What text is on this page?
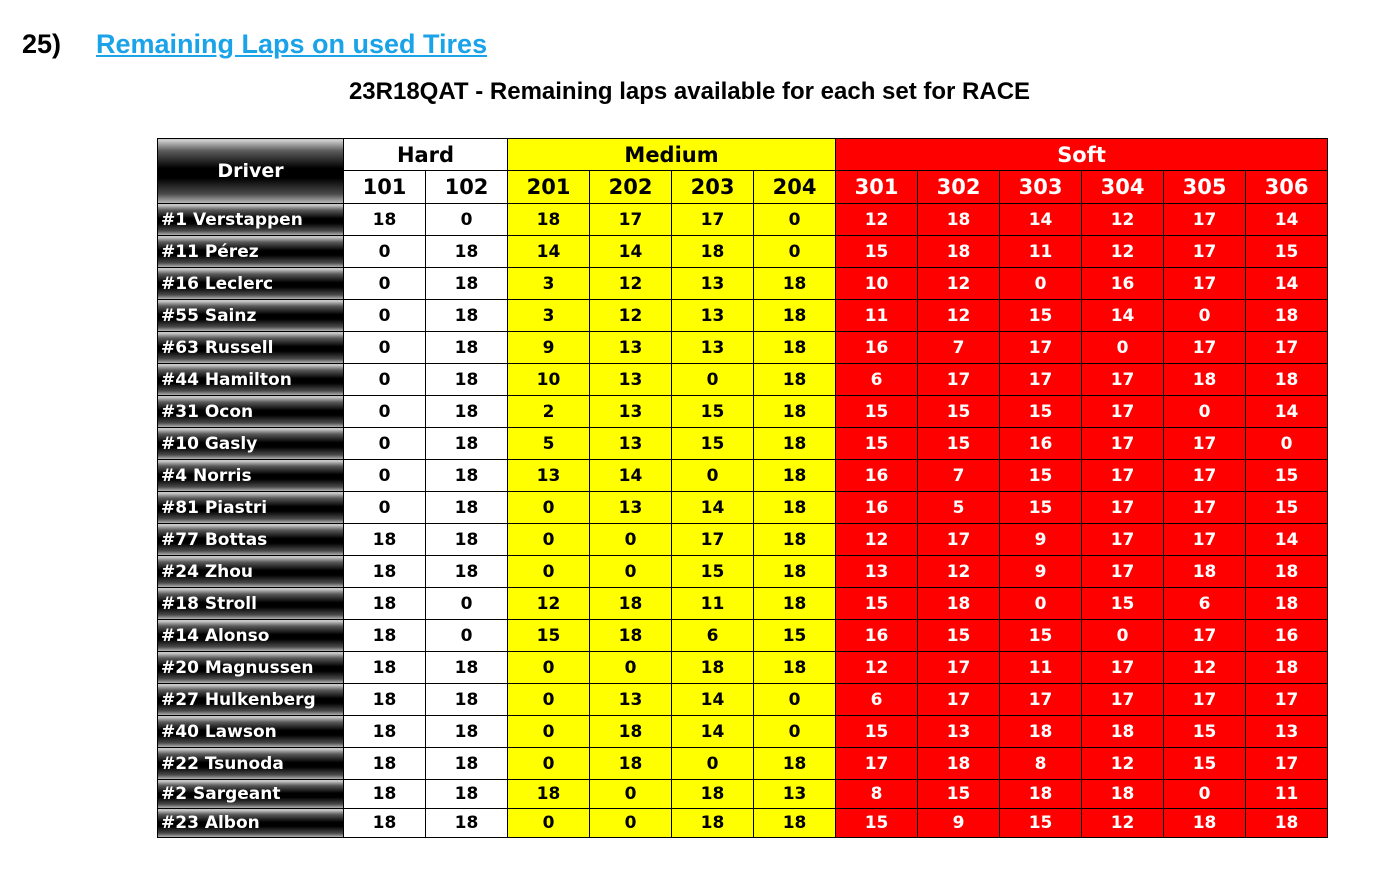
25)	Remaining Laps on used Tires
23R18QAT - Remaining laps available for each set for RACE
Driver	Hard		Medium				Soft					
	101	102	201	202	203	204	301	302	303	304	305	306
#1 Verstappen	18	0	18	17	17	0	12	18	14	12	17	14
#11 Pérez	0	18	14	14	18	0	15	18	11	12	17	15
#16 Leclerc	0	18	3	12	13	18	10	12	0	16	17	14
#55 Sainz	0	18	3	12	13	18	11	12	15	14	0	18
#63 Russell	0	18	9	13	13	18	16	7	17	0	17	17
#44 Hamilton	0	18	10	13	0	18	6	17	17	17	18	18
#31 Ocon	0	18	2	13	15	18	15	15	15	17	0	14
#10 Gasly	0	18	5	13	15	18	15	15	16	17	17	0
#4 Norris	0	18	13	14	0	18	16	7	15	17	17	15
#81 Piastri	0	18	0	13	14	18	16	5	15	17	17	15
#77 Bottas	18	18	0	0	17	18	12	17	9	17	17	14
#24 Zhou	18	18	0	0	15	18	13	12	9	17	18	18
#18 Stroll	18	0	12	18	11	18	15	18	0	15	6	18
#14 Alonso	18	0	15	18	6	15	16	15	15	0	17	16
#20 Magnussen	18	18	0	0	18	18	12	17	11	17	12	18
#27 Hulkenberg	18	18	0	13	14	0	6	17	17	17	17	17
#40 Lawson	18	18	0	18	14	0	15	13	18	18	15	13
#22 Tsunoda	18	18	0	18	0	18	17	18	8	12	15	17
#2 Sargeant	18	18	18	0	18	13	8	15	18	18	0	11
#23 Albon	18	18	0	0	18	18	15	9	15	12	18	18
